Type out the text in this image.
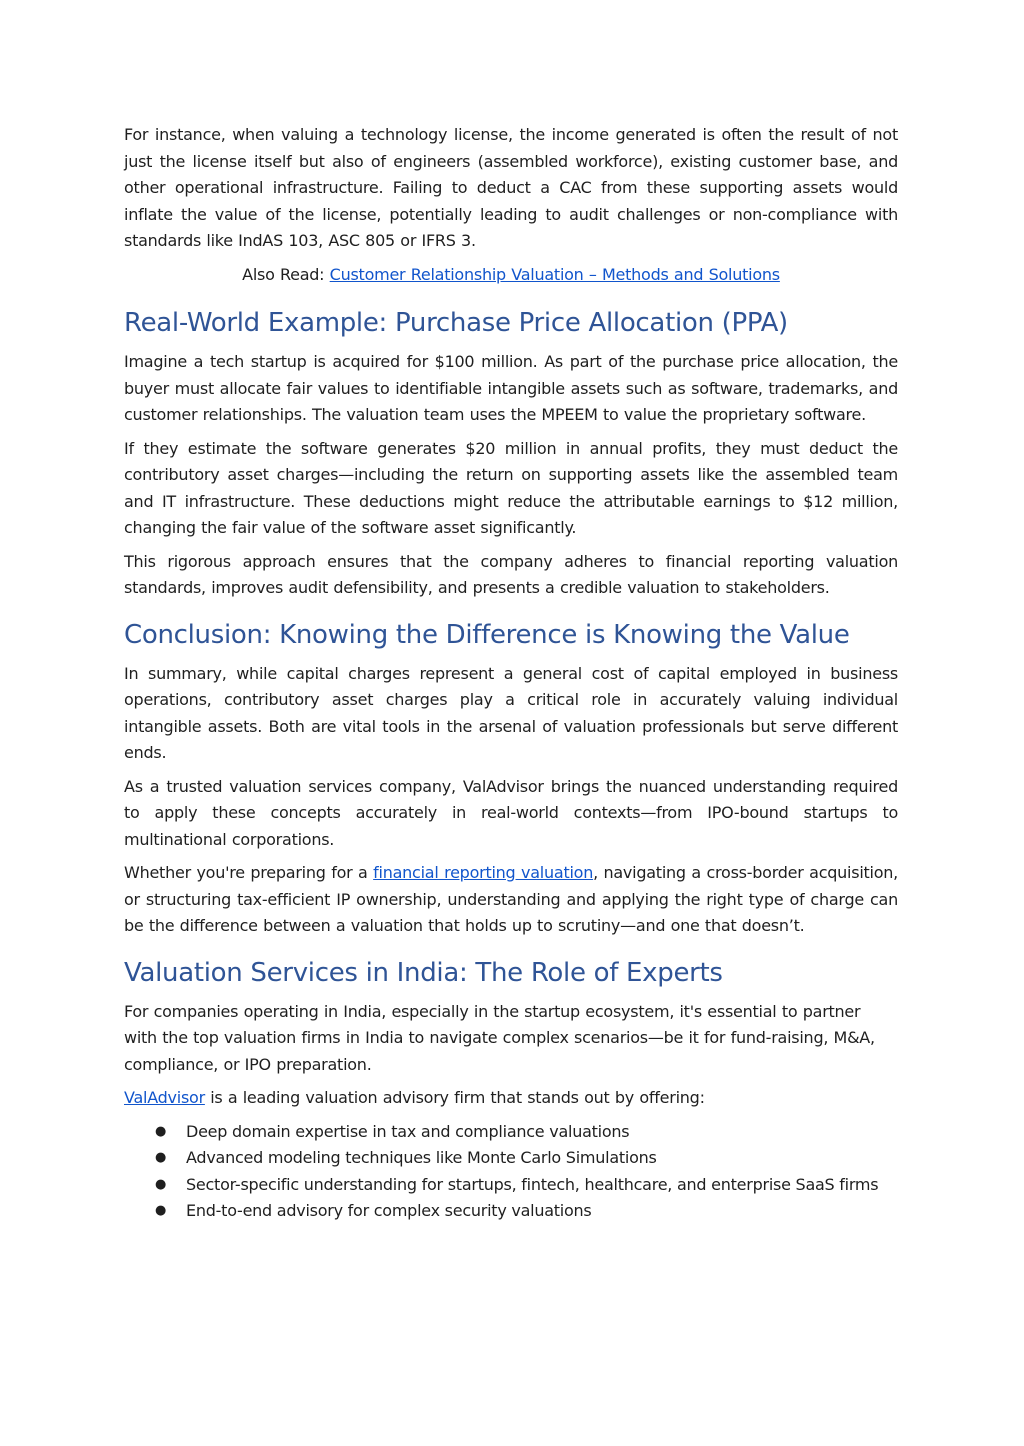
For instance, when valuing a technology license, the income generated is often the result of not just the license itself but also of engineers (assembled workforce), existing customer base, and other operational infrastructure. Failing to deduct a CAC from these supporting assets would inflate the value of the license, potentially leading to audit challenges or non-compliance with standards like IndAS 103, ASC 805 or IFRS 3.

Also Read: Customer Relationship Valuation – Methods and Solutions

Real-World Example: Purchase Price Allocation (PPA)

Imagine a tech startup is acquired for $100 million. As part of the purchase price allocation, the buyer must allocate fair values to identifiable intangible assets such as software, trademarks, and customer relationships. The valuation team uses the MPEEM to value the proprietary software.

If they estimate the software generates $20 million in annual profits, they must deduct the contributory asset charges—including the return on supporting assets like the assembled team and IT infrastructure. These deductions might reduce the attributable earnings to $12 million, changing the fair value of the software asset significantly.

This rigorous approach ensures that the company adheres to financial reporting valuation standards, improves audit defensibility, and presents a credible valuation to stakeholders.

Conclusion: Knowing the Difference is Knowing the Value

In summary, while capital charges represent a general cost of capital employed in business operations, contributory asset charges play a critical role in accurately valuing individual intangible assets. Both are vital tools in the arsenal of valuation professionals but serve different ends.

As a trusted valuation services company, ValAdvisor brings the nuanced understanding required to apply these concepts accurately in real-world contexts—from IPO-bound startups to multinational corporations.

Whether you're preparing for a financial reporting valuation, navigating a cross-border acquisition, or structuring tax-efficient IP ownership, understanding and applying the right type of charge can be the difference between a valuation that holds up to scrutiny—and one that doesn’t.

Valuation Services in India: The Role of Experts

For companies operating in India, especially in the startup ecosystem, it's essential to partner with the top valuation firms in India to navigate complex scenarios—be it for fund-raising, M&A, compliance, or IPO preparation.

ValAdvisor is a leading valuation advisory firm that stands out by offering:

● Deep domain expertise in tax and compliance valuations
● Advanced modeling techniques like Monte Carlo Simulations
● Sector-specific understanding for startups, fintech, healthcare, and enterprise SaaS firms
● End-to-end advisory for complex security valuations
